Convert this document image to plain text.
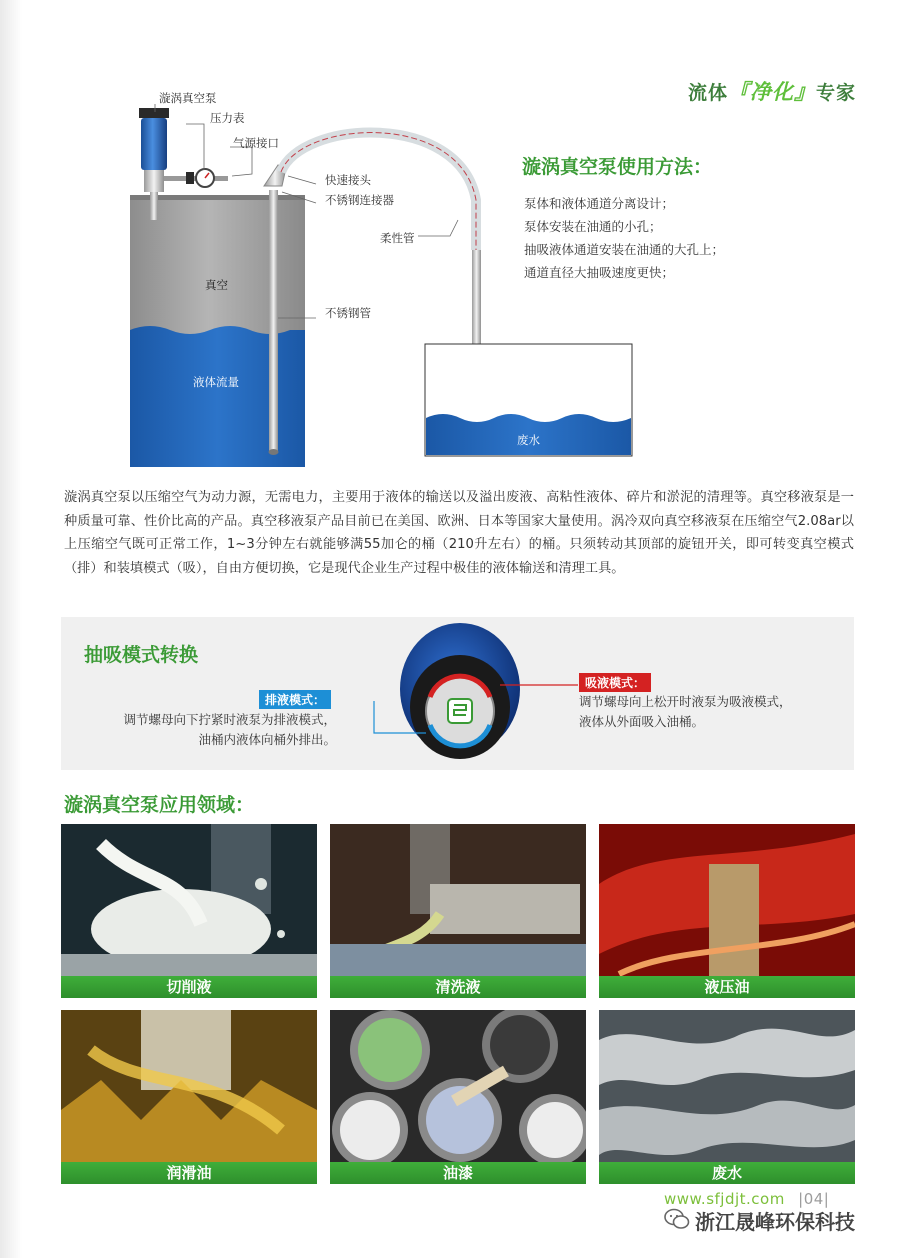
流体『净化』专家
漩涡真空泵
压力表
气源接口
快速接头
不锈钢连接器
柔性管
真空
不锈钢管
液体流量
废水
漩涡真空泵使用方法：
泵体和液体通道分离设计；
泵体安装在油通的小孔；
抽吸液体通道安装在油通的大孔上；
通道直径大抽吸速度更快；
漩涡真空泵以压缩空气为动力源，无需电力，主要用于液体的输送以及溢出废液、高粘性液体、碎片和淤泥的清理等。真空移液泵是一种质量可靠、性价比高的产品。真空移液泵产品目前已在美国、欧洲、日本等国家大量使用。涡冷双向真空移液泵在压缩空气2.08ar以上压缩空气既可正常工作，1~3分钟左右就能够满55加仑的桶（210升左右）的桶。只须转动其顶部的旋钮开关，即可转变真空模式（排）和装填模式（吸），自由方便切换，它是现代企业生产过程中极佳的液体输送和清理工具。
抽吸模式转换
排液模式：
调节螺母向下拧紧时液泵为排液模式，
油桶内液体向桶外排出。
吸液模式：
调节螺母向上松开时液泵为吸液模式，
液体从外面吸入油桶。
漩涡真空泵应用领域：
切削液	清洗液	液压油
润滑油	油漆	废水
www.sfjdjt.com |04|
浙江晟峰环保科技
